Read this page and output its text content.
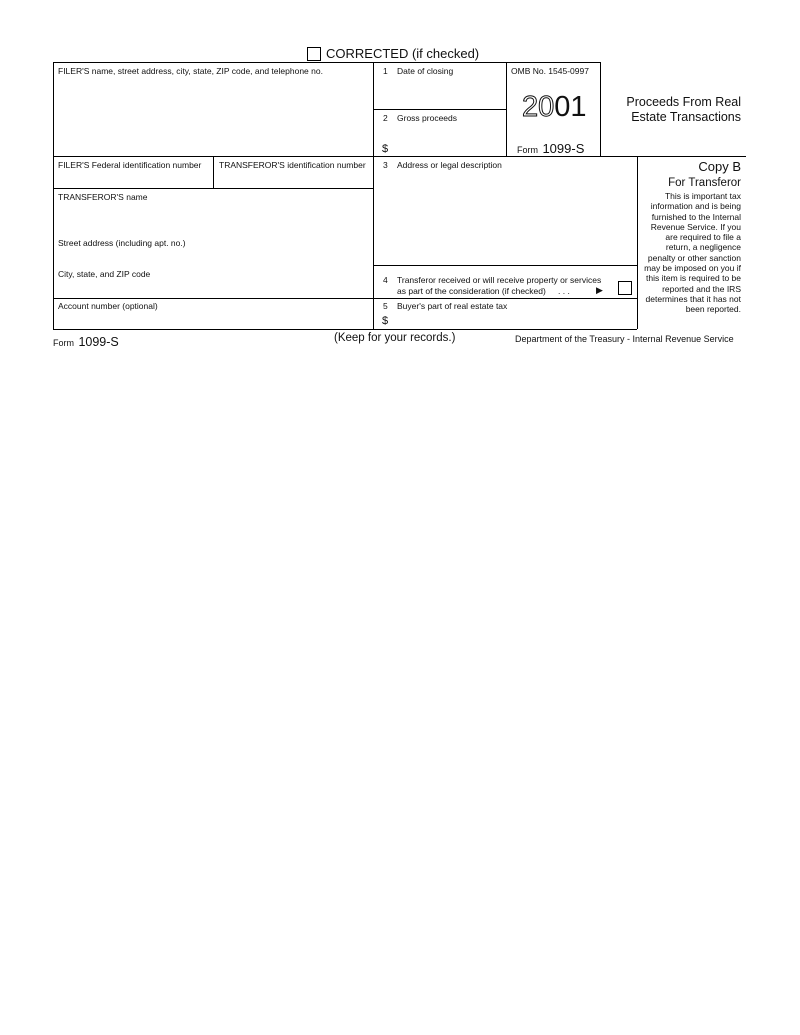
CORRECTED (if checked)
FILER'S name, street address, city, state, ZIP code, and telephone no.
FILER'S Federal identification number TRANSFEROR'S identification number
TRANSFEROR'S name
Street address (including apt. no.)
City, state, and ZIP code
Account number (optional)
1 Date of closing
2 Gross proceeds
$
OMB No. 1545-0997
2001
Form 1099-S
Proceeds From Real
Estate Transactions
3 Address or legal description
4 Transferor received or will receive property or services
as part of the consideration (if checked) . . .	▶
5 Buyer's part of real estate tax
$
Copy B
For Transferor
This is important tax information and is being furnished to the Internal Revenue Service. If you are required to file a return, a negligence penalty or other sanction may be imposed on you if this item is required to be reported and the IRS determines that it has not been reported.
Form 1099-S	(Keep for your records.)	Department of the Treasury - Internal Revenue Service
